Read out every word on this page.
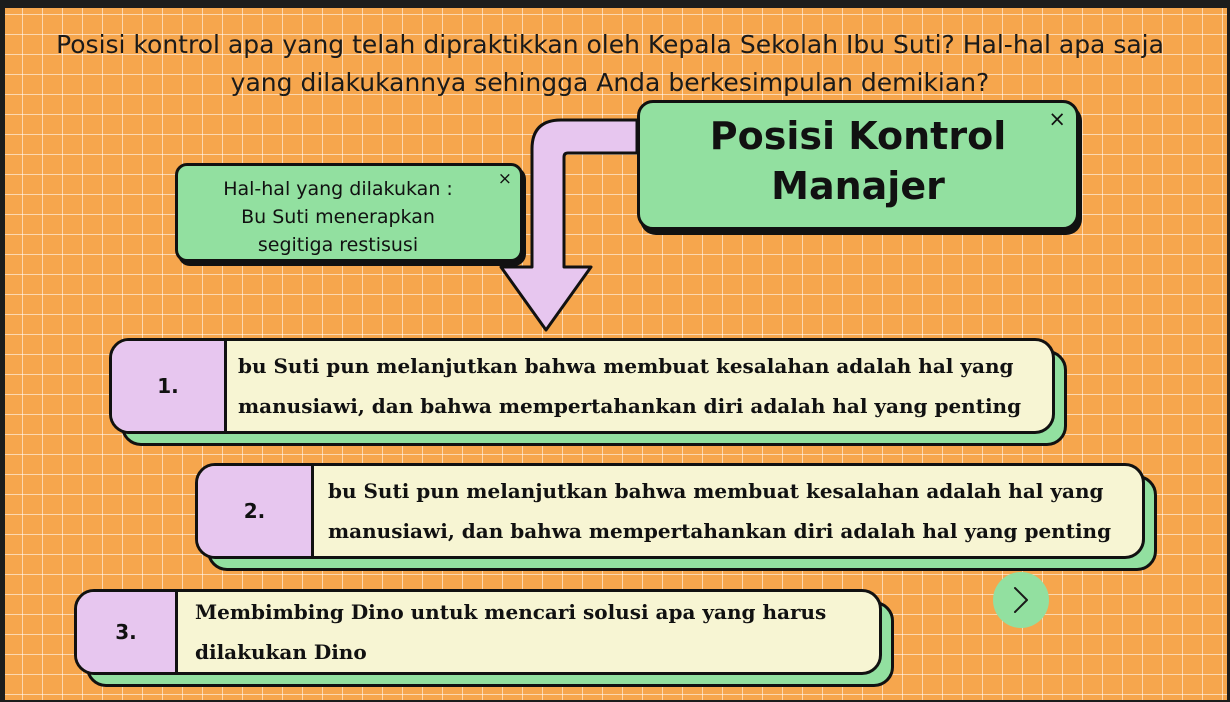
Posisi kontrol apa yang telah dipraktikkan oleh Kepala Sekolah Ibu Suti? Hal-hal apa saja yang dilakukannya sehingga Anda berkesimpulan demikian?

Hal-hal yang dilakukan :
Bu Suti menerapkan
segitiga restisusi
×
Posisi Kontrol
Manajer
×
1.
bu Suti pun melanjutkan bahwa membuat kesalahan adalah hal yang
manusiawi, dan bahwa mempertahankan diri adalah hal yang penting
2.
bu Suti pun melanjutkan bahwa membuat kesalahan adalah hal yang
manusiawi, dan bahwa mempertahankan diri adalah hal yang penting
3.
Membimbing Dino untuk mencari solusi apa yang harus
dilakukan Dino
